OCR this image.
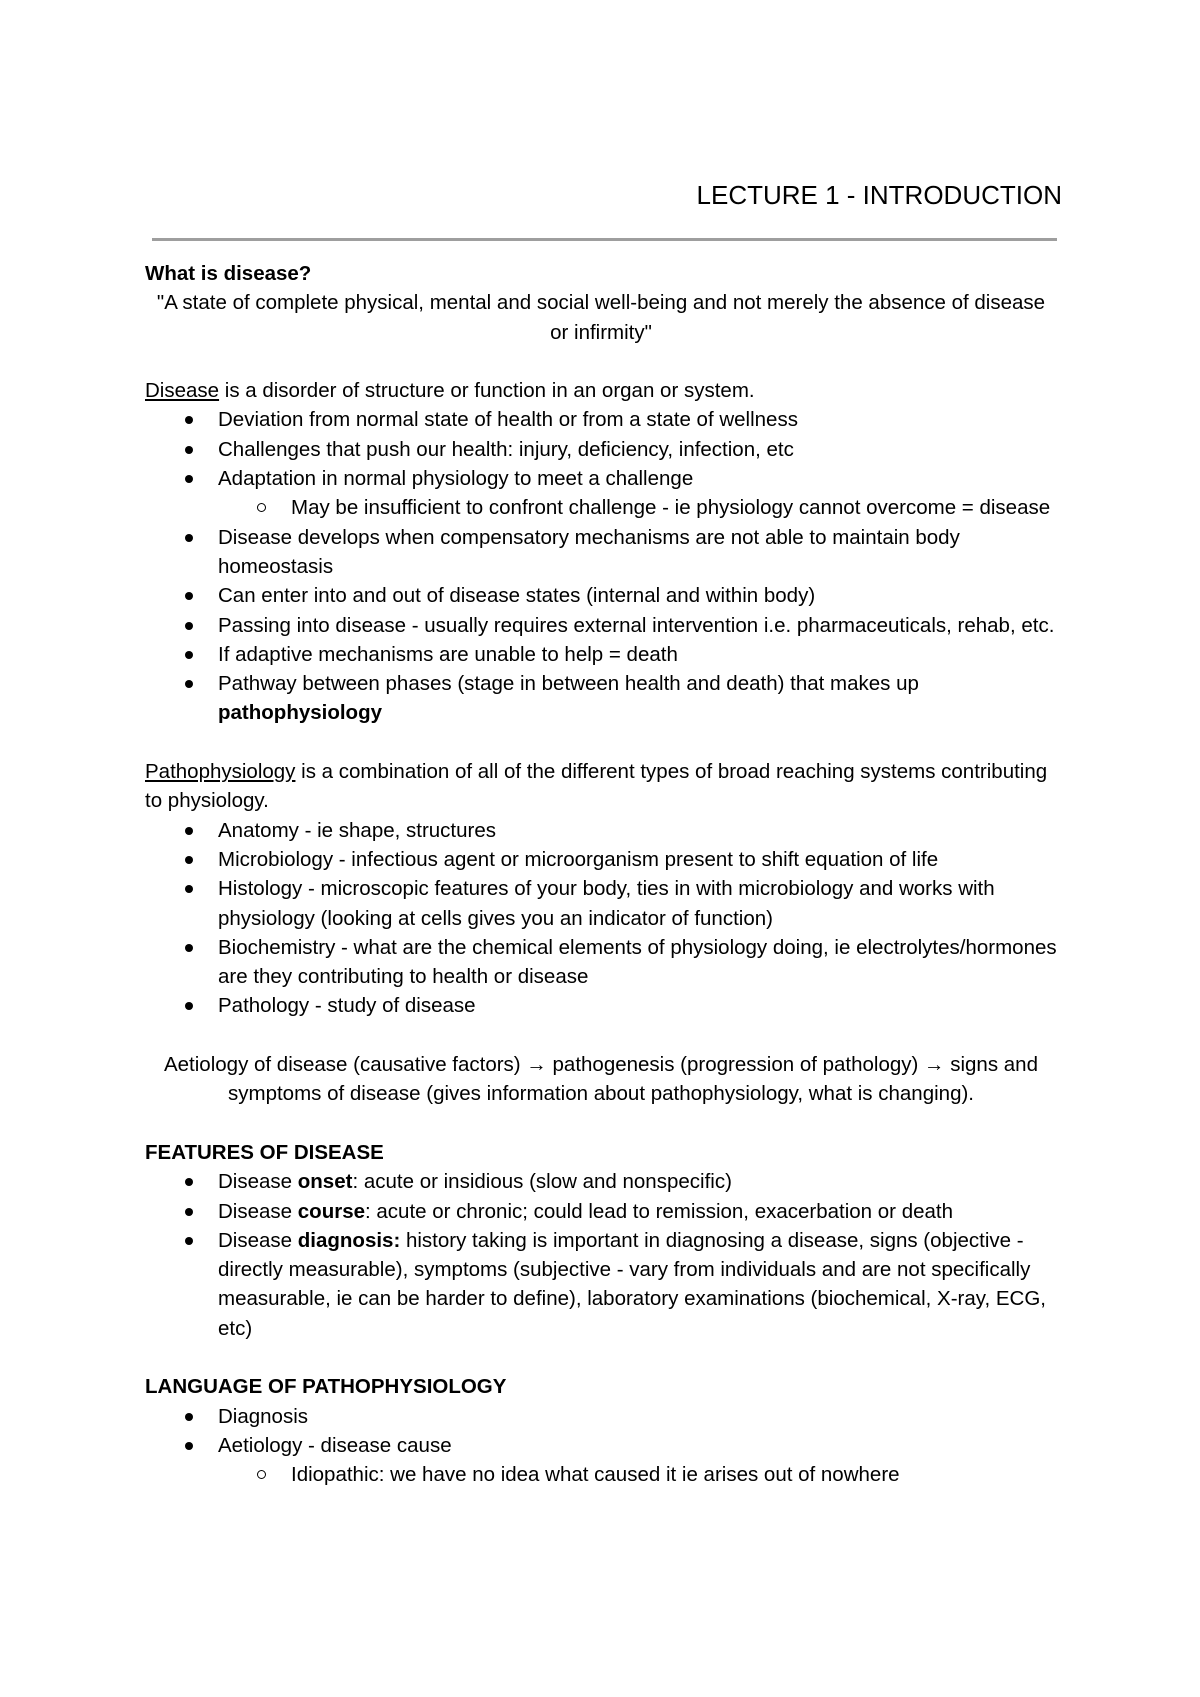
LECTURE 1 - INTRODUCTION

What is disease?

"A state of complete physical, mental and social well-being and not merely the absence of disease or infirmity"

Disease is a disorder of structure or function in an organ or system.

Deviation from normal state of health or from a state of wellness
Challenges that push our health: injury, deficiency, infection, etc
Adaptation in normal physiology to meet a challenge
May be insufficient to confront challenge - ie physiology cannot overcome = disease
Disease develops when compensatory mechanisms are not able to maintain body homeostasis
Can enter into and out of disease states (internal and within body)
Passing into disease - usually requires external intervention i.e. pharmaceuticals, rehab, etc.
If adaptive mechanisms are unable to help = death
Pathway between phases (stage in between health and death) that makes up pathophysiology

Pathophysiology is a combination of all of the different types of broad reaching systems contributing to physiology.

Anatomy - ie shape, structures
Microbiology - infectious agent or microorganism present to shift equation of life
Histology - microscopic features of your body, ties in with microbiology and works with physiology (looking at cells gives you an indicator of function)
Biochemistry - what are the chemical elements of physiology doing, ie electrolytes/hormones are they contributing to health or disease
Pathology - study of disease

Aetiology of disease (causative factors) → pathogenesis (progression of pathology) → signs and symptoms of disease (gives information about pathophysiology, what is changing).

FEATURES OF DISEASE

Disease onset: acute or insidious (slow and nonspecific)
Disease course: acute or chronic; could lead to remission, exacerbation or death
Disease diagnosis: history taking is important in diagnosing a disease, signs (objective - directly measurable), symptoms (subjective - vary from individuals and are not specifically measurable, ie can be harder to define), laboratory examinations (biochemical, X-ray, ECG, etc)

LANGUAGE OF PATHOPHYSIOLOGY

Diagnosis
Aetiology - disease cause
Idiopathic: we have no idea what caused it ie arises out of nowhere
